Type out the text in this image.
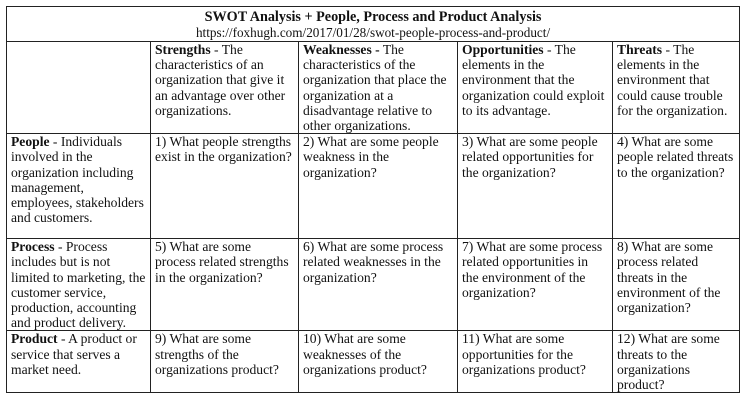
SWOT Analysis + People, Process and Product Analysis
https://foxhugh.com/2017/01/28/swot-people-process-and-product/				

	Strengths - The characteristics of an organization that give it an advantage over other organizations.	Weaknesses - The characteristics of the organization that place the organization at a disadvantage relative to other organizations.	Opportunities - The elements in the environment that the organization could exploit to its advantage.	Threats - The elements in the environment that could cause trouble for the organization.
People - Individuals involved in the organization including management, employees, stakeholders and customers.	1) What people strengths exist in the organization?	2) What are some people weakness in the organization?	3) What are some people related opportunities for the organization?	4) What are some people related threats to the organization?
Process - Process includes but is not limited to marketing, the customer service, production, accounting and product delivery.	5) What are some process related strengths in the organization?	6) What are some process related weaknesses in the organization?	7) What are some process related opportunities in the environment of the organization?	8) What are some process related threats in the environment of the organization?
Product - A product or service that serves a market need.	9) What are some strengths of the organizations product?	10) What are some weaknesses of the organizations product?	11) What are some opportunities for the organizations product?	12) What are some threats to the organizations product?
